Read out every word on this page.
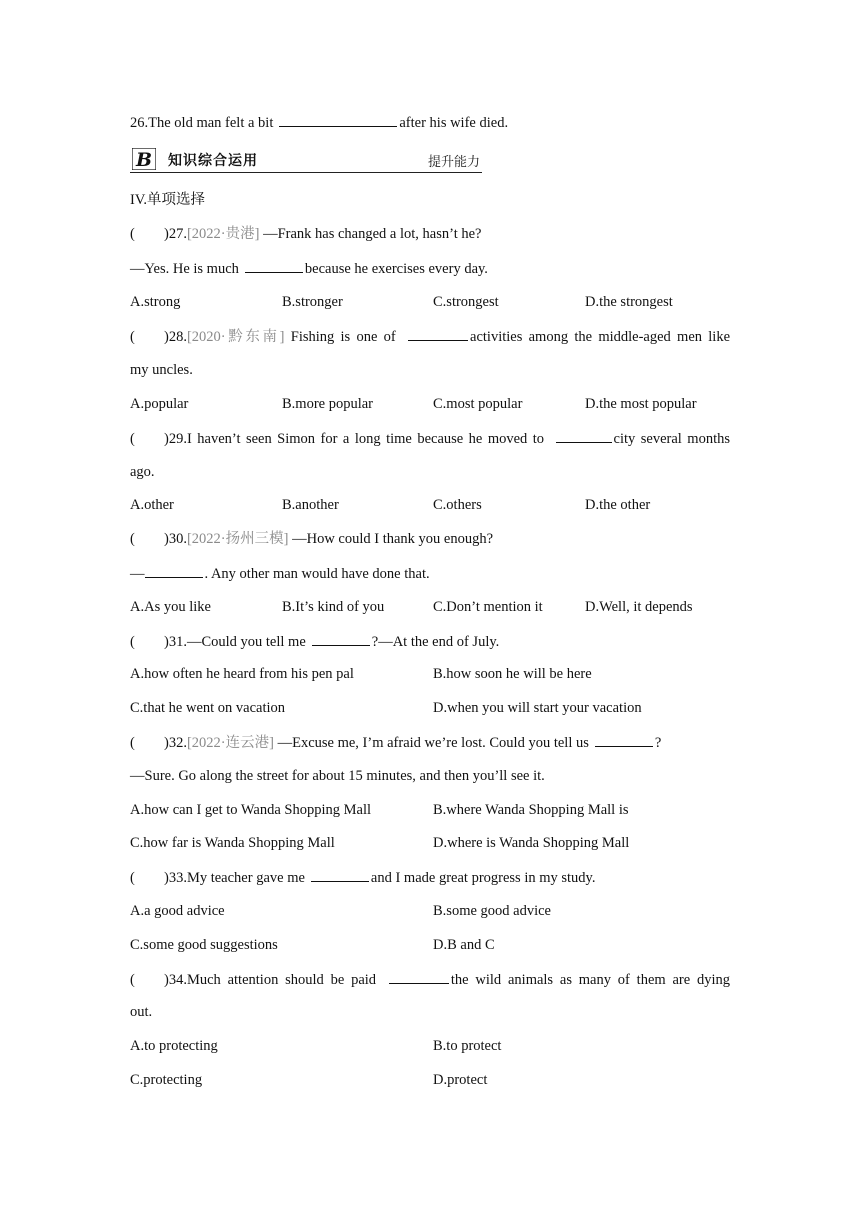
26.The old man felt a bit	after his wife died.
B 知识综合运用	提升能力
IV.单项选择
( )27.[2022·贵港] —Frank has changed a lot, hasn’t he?
—Yes. He is much	because he exercises every day.
A.strong	B.stronger	C.strongest	D.the strongest
( )28.[2020·黔东南] Fishing is one of	activities among the middle-aged men like
my uncles.
A.popular	B.more popular	C.most popular	D.the most popular
( )29.I haven’t seen Simon for a long time because he moved to	city several months
ago.
A.other	B.another	C.others	D.the other
( )30.[2022·扬州三模] —How could I thank you enough?
—	. Any other man would have done that.
A.As you like	B.It’s kind of you	C.Don’t mention it	D.Well, it depends
( )31.—Could you tell me	?—At the end of July.
A.how often he heard from his pen pal	B.how soon he will be here
C.that he went on vacation	D.when you will start your vacation
( )32.[2022·连云港] —Excuse me, I’m afraid we’re lost. Could you tell us	?
—Sure. Go along the street for about 15 minutes, and then you’ll see it.
A.how can I get to Wanda Shopping Mall	B.where Wanda Shopping Mall is
C.how far is Wanda Shopping Mall	D.where is Wanda Shopping Mall
( )33.My teacher gave me	and I made great progress in my study.
A.a good advice	B.some good advice
C.some good suggestions	D.B and C
( )34.Much attention should be paid	the wild animals as many of them are dying
out.
A.to protecting	B.to protect
C.protecting	D.protect
